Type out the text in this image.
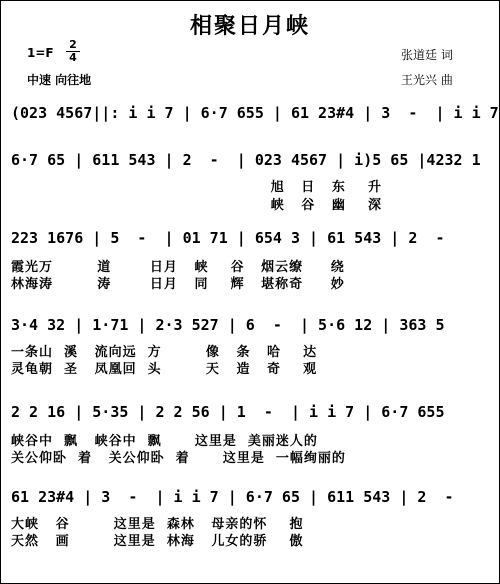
相聚日月峡
$1=F \frac{2}{4}$
中速 向往地
张道廷 词
王光兴 曲
(023 4567||: i i 7 | 6·7 655 | 61 23#4 | 3  -  | i i 7
6·7 65 | 611 543 | 2  -  | 023 4567 | i)5 65 |4232 1
旭   日   东    升
峡   谷   幽    深
223 1676 | 5  -  | 01 71 | 654 3 | 61 543 | 2  -
霞光万        道       日月   峡    谷   烟云缭     绕
林海涛        涛       日月   同    辉   堪称奇     妙
3·4 32 | 1·71 | 2·3 527 | 6  -  | 5·6 12 | 363 5
一条山  溪   流向远  方        像   条   哈    达
灵龟朝  圣   凤凰回  头        天   造   奇    观
2 2 16 | 5·35 | 2 2 56 | 1  -  | i i 7 | 6·7 655
峡谷中  飘   峡谷中  飘      这里是  美丽迷人的
关公仰卧  着   关公仰卧  着      这里是  一幅绚丽的
61 23#4 | 3  -  | i i 7 | 6·7 65 | 611 543 | 2  -
大峡   谷        这里是  森林   母亲的怀    抱
天然   画        这里是  林海   儿女的骄    傲
